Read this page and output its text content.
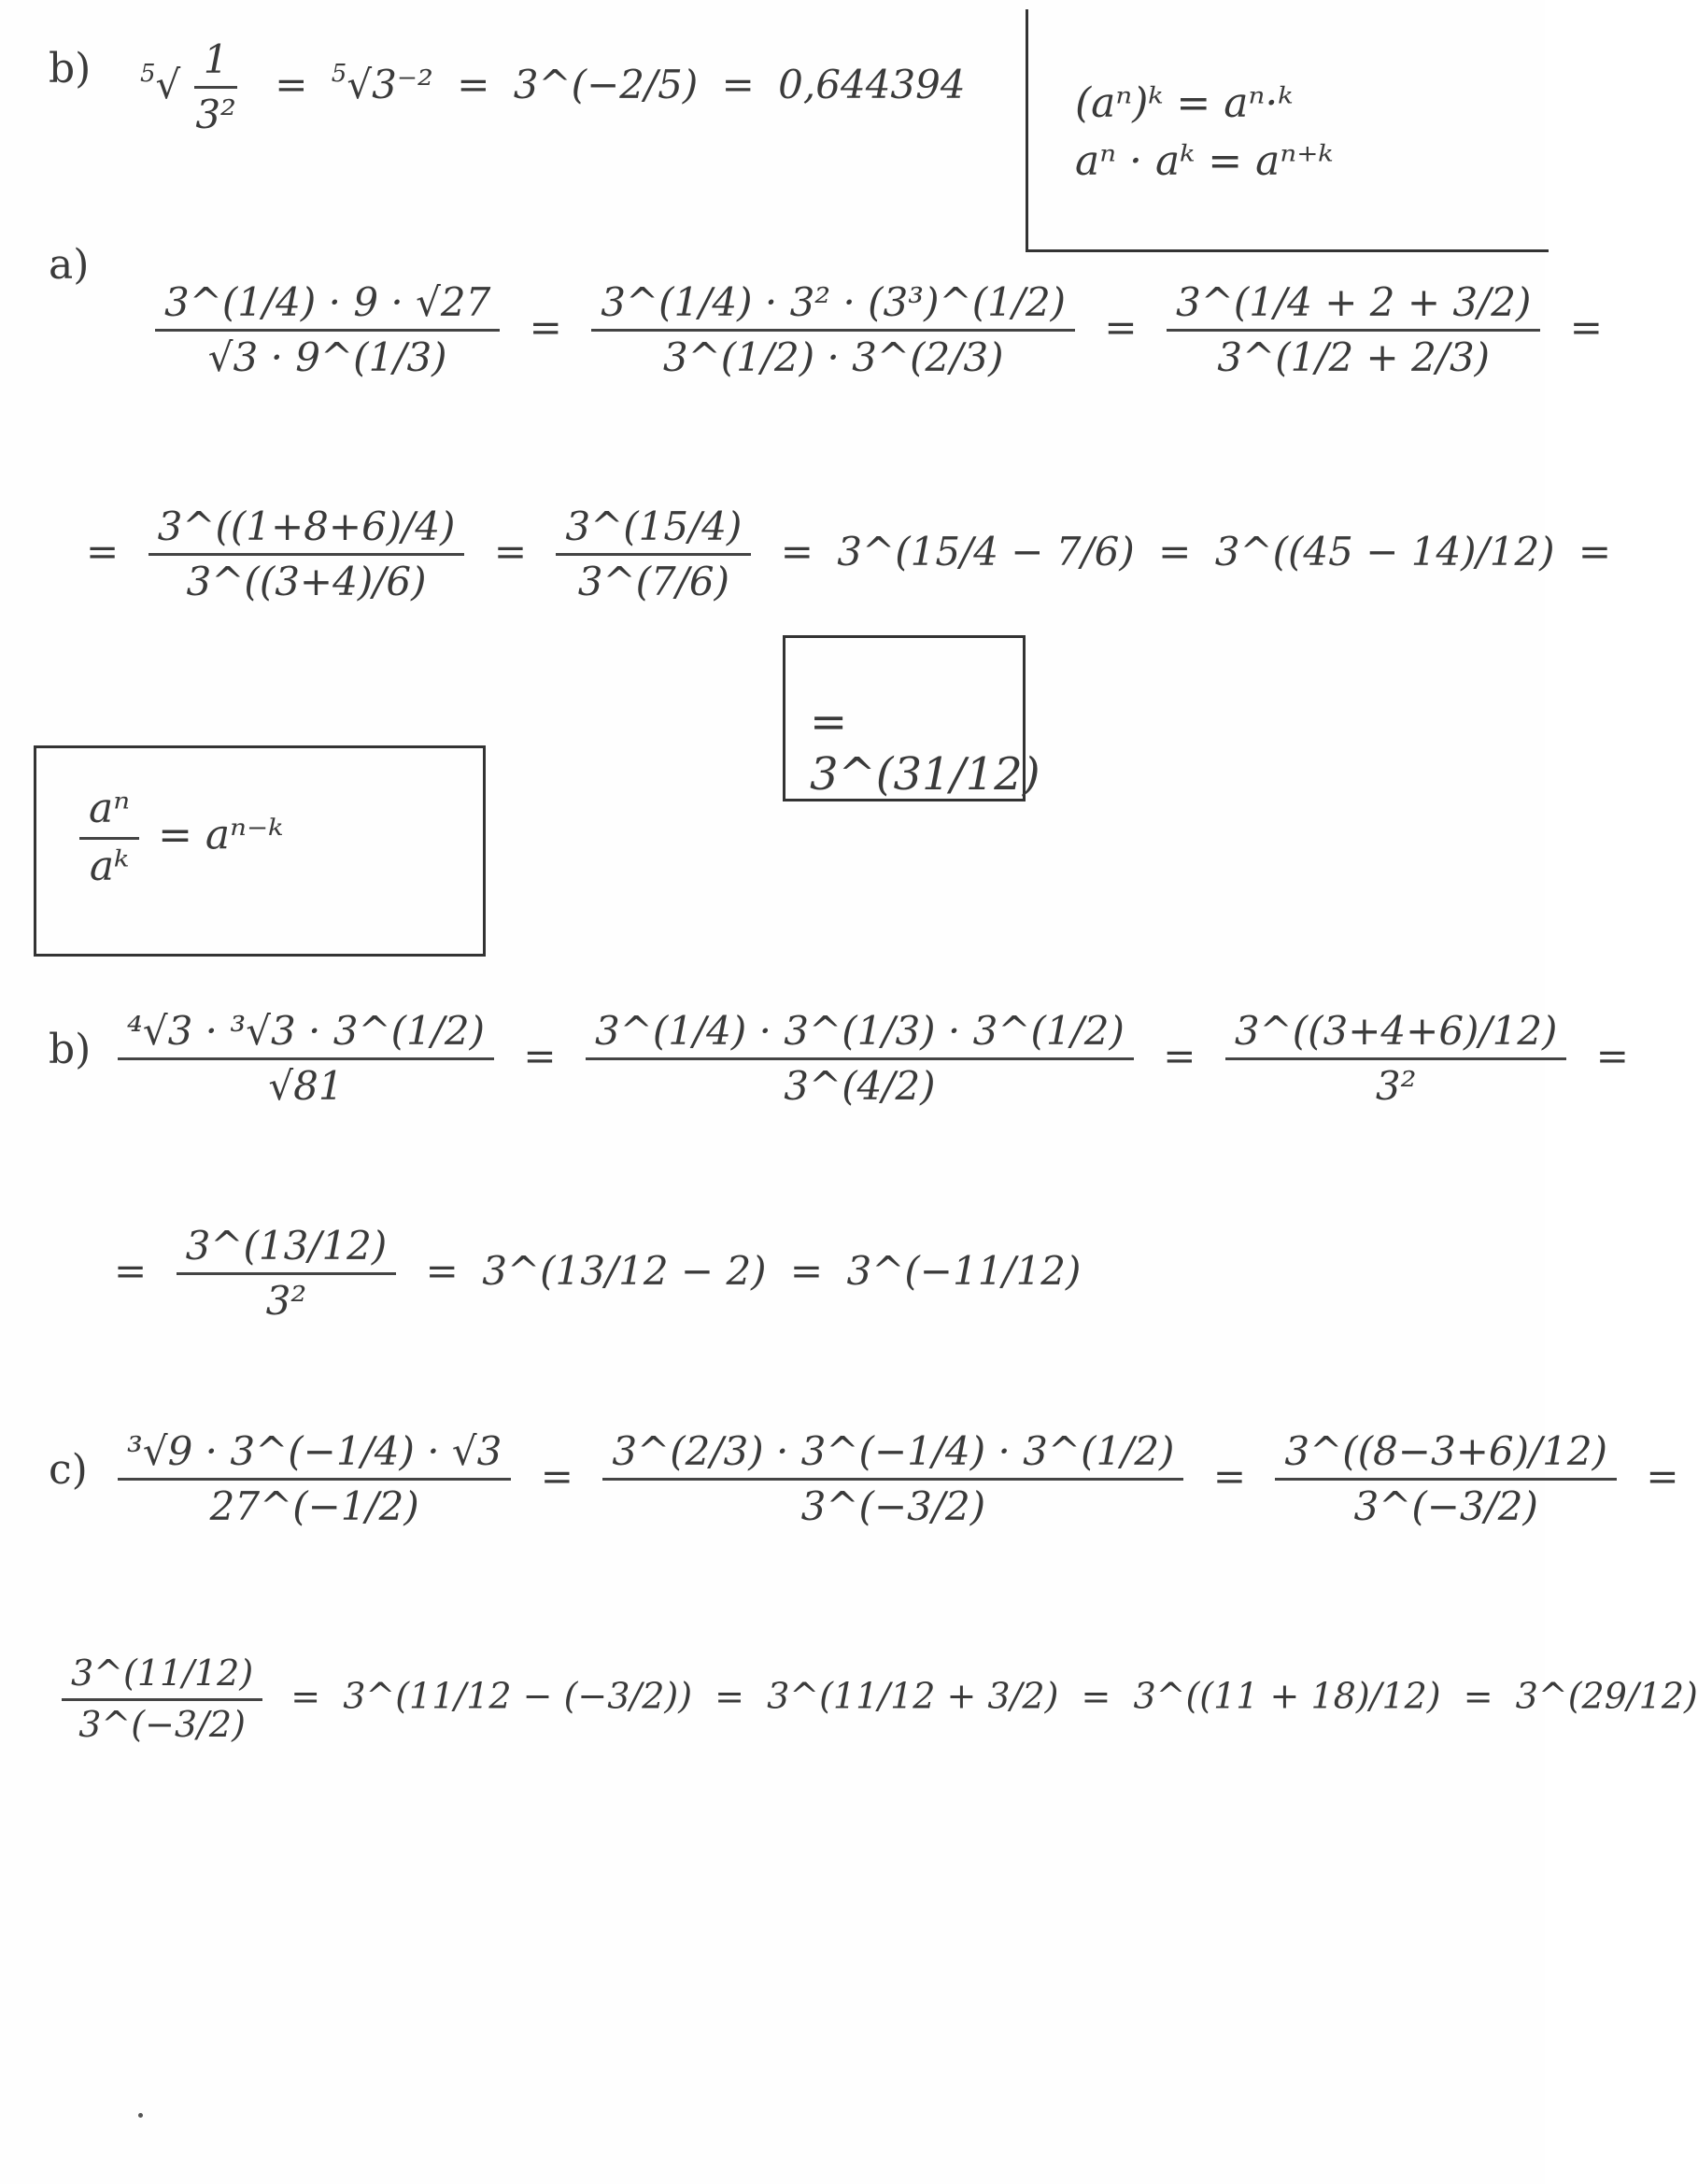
b) $^5√ \frac{1}{\text{3²}} = ^5√3^{-2}$ = 3^(−2/5) = 0,644394	(aⁿ)ᵏ = aⁿ·ᵏ
aⁿ · aᵏ = aⁿ⁺ᵏ
a)
$\frac{3\^{}(1/4) \cdot 9 \cdot √27}{√3 \cdot 9\^{}(1/3)} = \frac{\text{3\textasciicircum{}(1/4) · 3² · (3³)\textasciicircum{}(1/2)}}{3\^{}(1/2) \cdot 3\^{}(2/3)} = \frac{3\^{}(1/4 + 2 + 3/2)}{3\^{}(1/2 + 2/3)}$ =
= $\frac{3\^{}((1+8+6)/4)}{3\^{}((3+4)/6)} = \frac{3\^{}(15/4)}{3\^{}(7/6)}$ = 3^(15/4 − 7/6) = 3^((45 − 14)/12) =
= 3^(31/12)
$\frac{\text{aⁿ}}{\text{aᵏ}}$ = aⁿ⁻ᵏ
$b) \frac{\text{⁴√3 · ³√3 · 3\textasciicircum{}(1/2)}}{√81} = \frac{3\^{}(1/4) \cdot 3\^{}(1/3) \cdot 3\^{}(1/2)}{3\^{}(4/2)} = \frac{3\^{}((3+4+6)/12)}{\text{3²}}$ =
= $\frac{3\^{}(13/12)}{\text{3²}}$ = 3^(13/12 − 2) = 3^(−11/12)
$c) \frac{\text{³√9 · 3\textasciicircum{}(−1/4) · √3}}{27\^{}(-1/2)} = \frac{3\^{}(2/3) \cdot 3\^{}(-1/4) \cdot 3\^{}(1/2)}{3\^{}(-3/2)} = \frac{3\^{}((8-3+6)/12)}{3\^{}(-3/2)}$ =
$\frac{3\^{}(11/12)}{3\^{}(-3/2)}$ = 3^(11/12 − (−3/2)) = 3^(11/12 + 3/2) = 3^((11 + 18)/12) = 3^(29/12)
